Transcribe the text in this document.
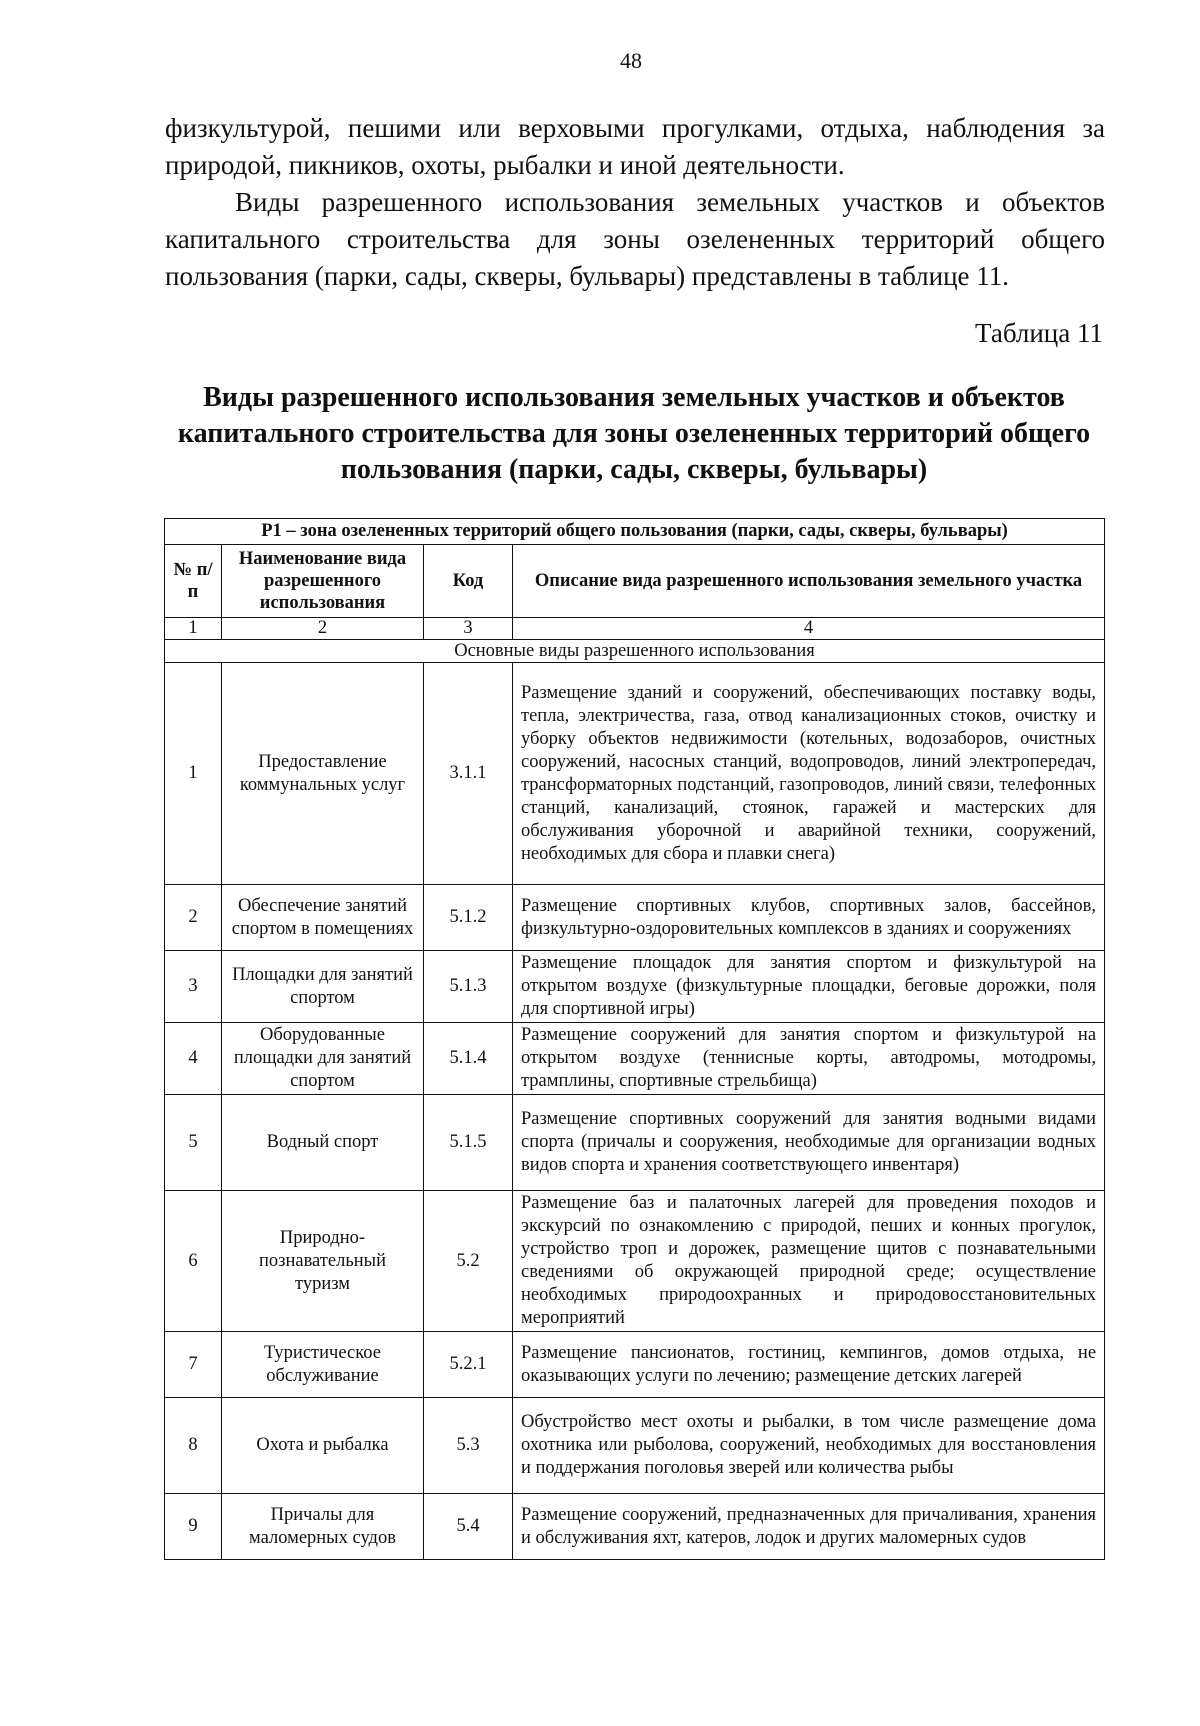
48

физкультурой, пешими или верховыми прогулками, отдыха, наблюдения за природой, пикников, охоты, рыбалки и иной деятельности.

Виды разрешенного использования земельных участков и объектов капитального строительства для зоны озелененных территорий общего пользования (парки, сады, скверы, бульвары) представлены в таблице 11.

Таблица 11
Виды разрешенного использования земельных участков и объектов капитального строительства для зоны озелененных территорий общего пользования (парки, сады, скверы, бульвары)
Р1 – зона озелененных территорий общего пользования (парки, сады, скверы, бульвары)			
№ п/п	Наименование вида разрешенного использования	Код	Описание вида разрешенного использования земельного участка
1	2	3	4
Основные виды разрешенного использования			
1	Предоставление коммунальных услуг	3.1.1	Размещение зданий и сооружений, обеспечивающих поставку воды, тепла, электричества, газа, отвод канализационных стоков, очистку и уборку объектов недвижимости (котельных, водозаборов, очистных сооружений, насосных станций, водопроводов, линий электропередач, трансформаторных подстанций, газопроводов, линий связи, телефонных станций, канализаций, стоянок, гаражей и мастерских для обслуживания уборочной и аварийной техники, сооружений, необходимых для сбора и плавки снега)
2	Обеспечение занятий спортом в помещениях	5.1.2	Размещение спортивных клубов, спортивных залов, бассейнов, физкультурно-оздоровительных комплексов в зданиях и сооружениях
3	Площадки для занятий спортом	5.1.3	Размещение площадок для занятия спортом и физкультурой на открытом воздухе (физкультурные площадки, беговые дорожки, поля для спортивной игры)
4	Оборудованные площадки для занятий спортом	5.1.4	Размещение сооружений для занятия спортом и физкультурой на открытом воздухе (теннисные корты, автодромы, мотодромы, трамплины, спортивные стрельбища)
5	Водный спорт	5.1.5	Размещение спортивных сооружений для занятия водными видами спорта (причалы и сооружения, необходимые для организации водных видов спорта и хранения соответствующего инвентаря)
6	Природно-познавательный туризм	5.2	Размещение баз и палаточных лагерей для проведения походов и экскурсий по ознакомлению с природой, пеших и конных прогулок, устройство троп и дорожек, размещение щитов с познавательными сведениями об окружающей природной среде; осуществление необходимых природоохранных и природовосстановительных мероприятий
7	Туристическое обслуживание	5.2.1	Размещение пансионатов, гостиниц, кемпингов, домов отдыха, не оказывающих услуги по лечению; размещение детских лагерей
8	Охота и рыбалка	5.3	Обустройство мест охоты и рыбалки, в том числе размещение дома охотника или рыболова, сооружений, необходимых для восстановления и поддержания поголовья зверей или количества рыбы
9	Причалы для маломерных судов	5.4	Размещение сооружений, предназначенных для причаливания, хранения и обслуживания яхт, катеров, лодок и других маломерных судов
